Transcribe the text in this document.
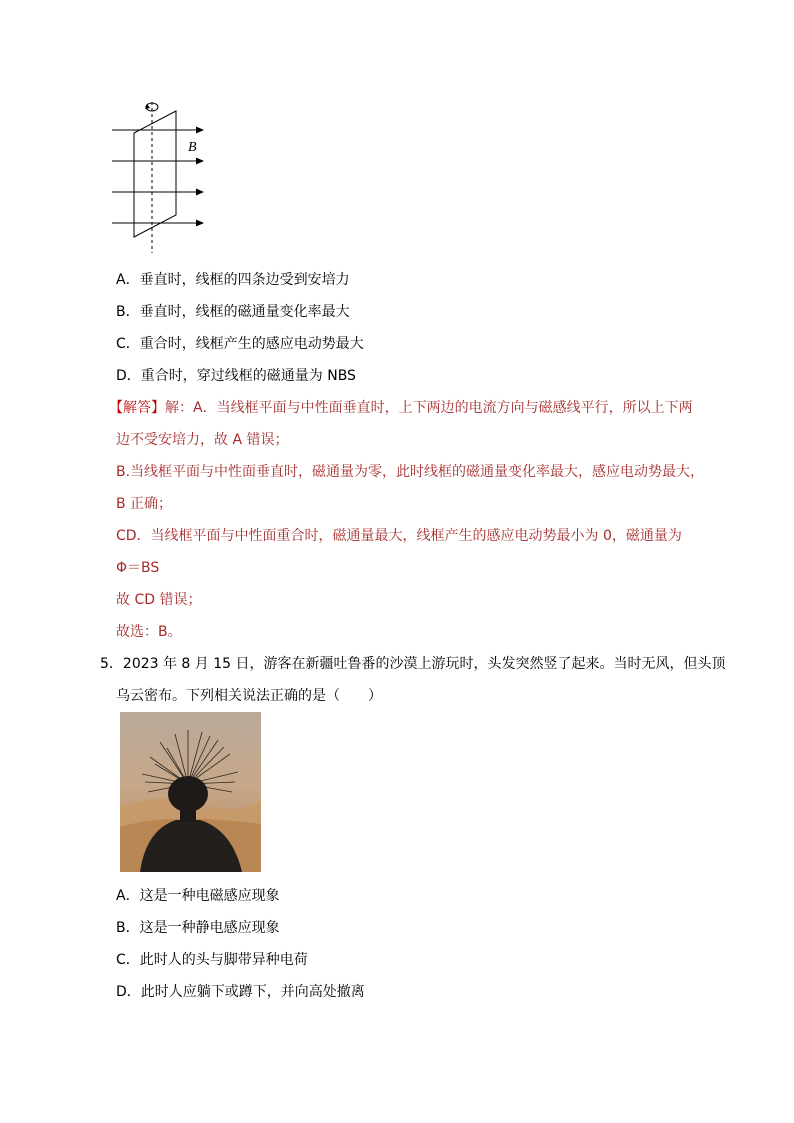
B
A．垂直时，线框的四条边受到安培力
B．垂直时，线框的磁通量变化率最大
C．重合时，线框产生的感应电动势最大
D．重合时，穿过线框的磁通量为 NBS
【解答】解：A．当线框平面与中性面垂直时，上下两边的电流方向与磁感线平行，所以上下两
边不受安培力，故 A 错误；
B.当线框平面与中性面垂直时，磁通量为零，此时线框的磁通量变化率最大，感应电动势最大，
B 正确；
CD．当线框平面与中性面重合时，磁通量最大，线框产生的感应电动势最小为 0，磁通量为
Φ＝BS
故 CD 错误；
故选：B。
5．2023 年 8 月 15 日，游客在新疆吐鲁番的沙漠上游玩时，头发突然竖了起来。当时无风，但头顶
乌云密布。下列相关说法正确的是（　　）
A．这是一种电磁感应现象
B．这是一种静电感应现象
C．此时人的头与脚带异种电荷
D．此时人应躺下或蹲下，并向高处撤离
